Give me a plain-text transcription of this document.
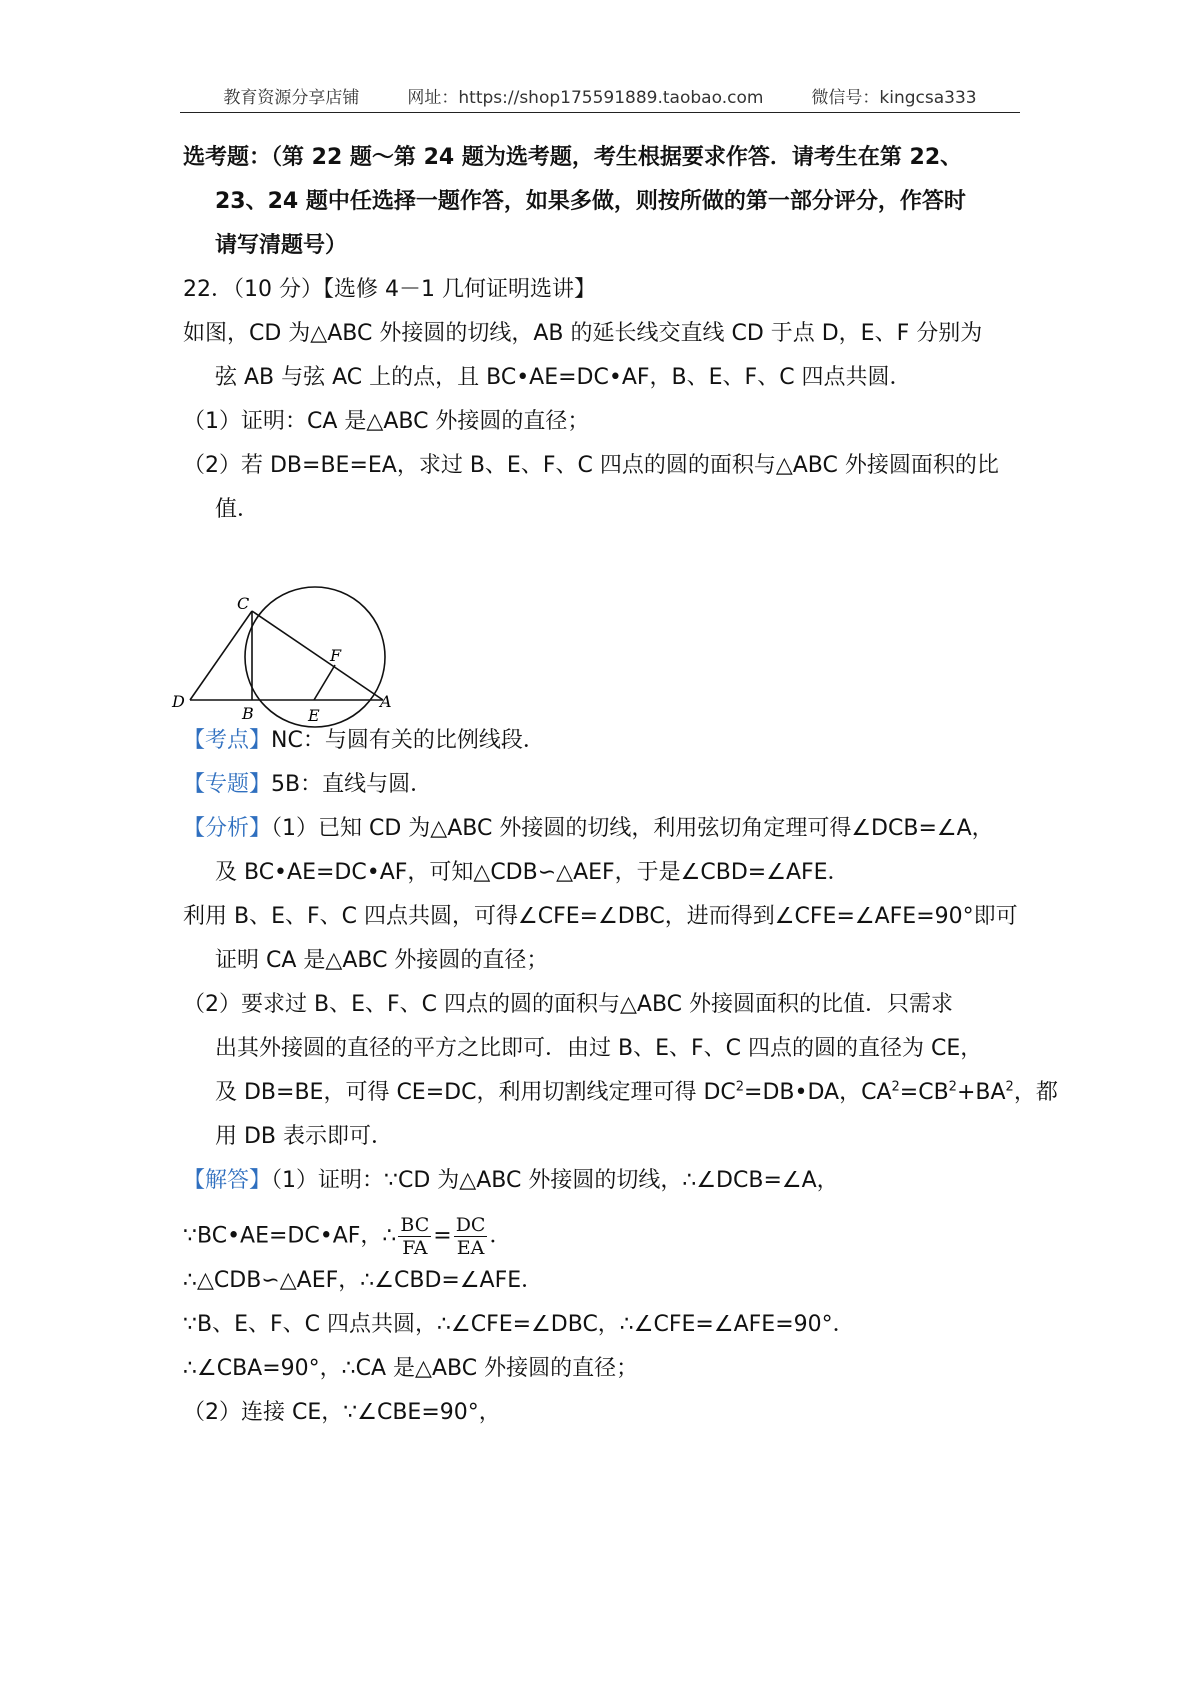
教育资源分享店铺	网址：https://shop175591889.taobao.com	微信号：kingcsa333
选考题：（第 22 题～第 24 题为选考题，考生根据要求作答．请考生在第 22、
23、24 题中任选择一题作答，如果多做，则按所做的第一部分评分，作答时
请写清题号）
22．（10 分）【选修 4－1 几何证明选讲】
如图，CD 为△ABC 外接圆的切线，AB 的延长线交直线 CD 于点 D，E、F 分别为
弦 AB 与弦 AC 上的点，且 BC•AE=DC•AF，B、E、F、C 四点共圆．
（1）证明：CA 是△ABC 外接圆的直径；
（2）若 DB=BE=EA，求过 B、E、F、C 四点的圆的面积与△ABC 外接圆面积的比
值．
C
F
D
B	E
A
【考点】NC：与圆有关的比例线段．
【专题】5B：直线与圆．
【分析】（1）已知 CD 为△ABC 外接圆的切线，利用弦切角定理可得∠DCB=∠A，
及 BC•AE=DC•AF，可知△CDB∽△AEF，于是∠CBD=∠AFE．
利用 B、E、F、C 四点共圆，可得∠CFE=∠DBC，进而得到∠CFE=∠AFE=90°即可
证明 CA 是△ABC 外接圆的直径；
（2）要求过 B、E、F、C 四点的圆的面积与△ABC 外接圆面积的比值．只需求
出其外接圆的直径的平方之比即可．由过 B、E、F、C 四点的圆的直径为 CE，
及 DB=BE，可得 CE=DC，利用切割线定理可得 $DC^2=DB•DA$，$CA^2=CB^2+BA^2$，都
用 DB 表示即可．
【解答】（1）证明：∵CD 为△ABC 外接圆的切线，∴∠DCB=∠A，
∵BC•AE=DC•AF，∴ $\frac{BC}{FA} = \frac{DC}{EA}$ ．
∴△CDB∽△AEF，∴∠CBD=∠AFE．
∵B、E、F、C 四点共圆，∴∠CFE=∠DBC，∴∠CFE=∠AFE=90°．
∴∠CBA=90°，∴CA 是△ABC 外接圆的直径；
（2）连接 CE，∵∠CBE=90°，
